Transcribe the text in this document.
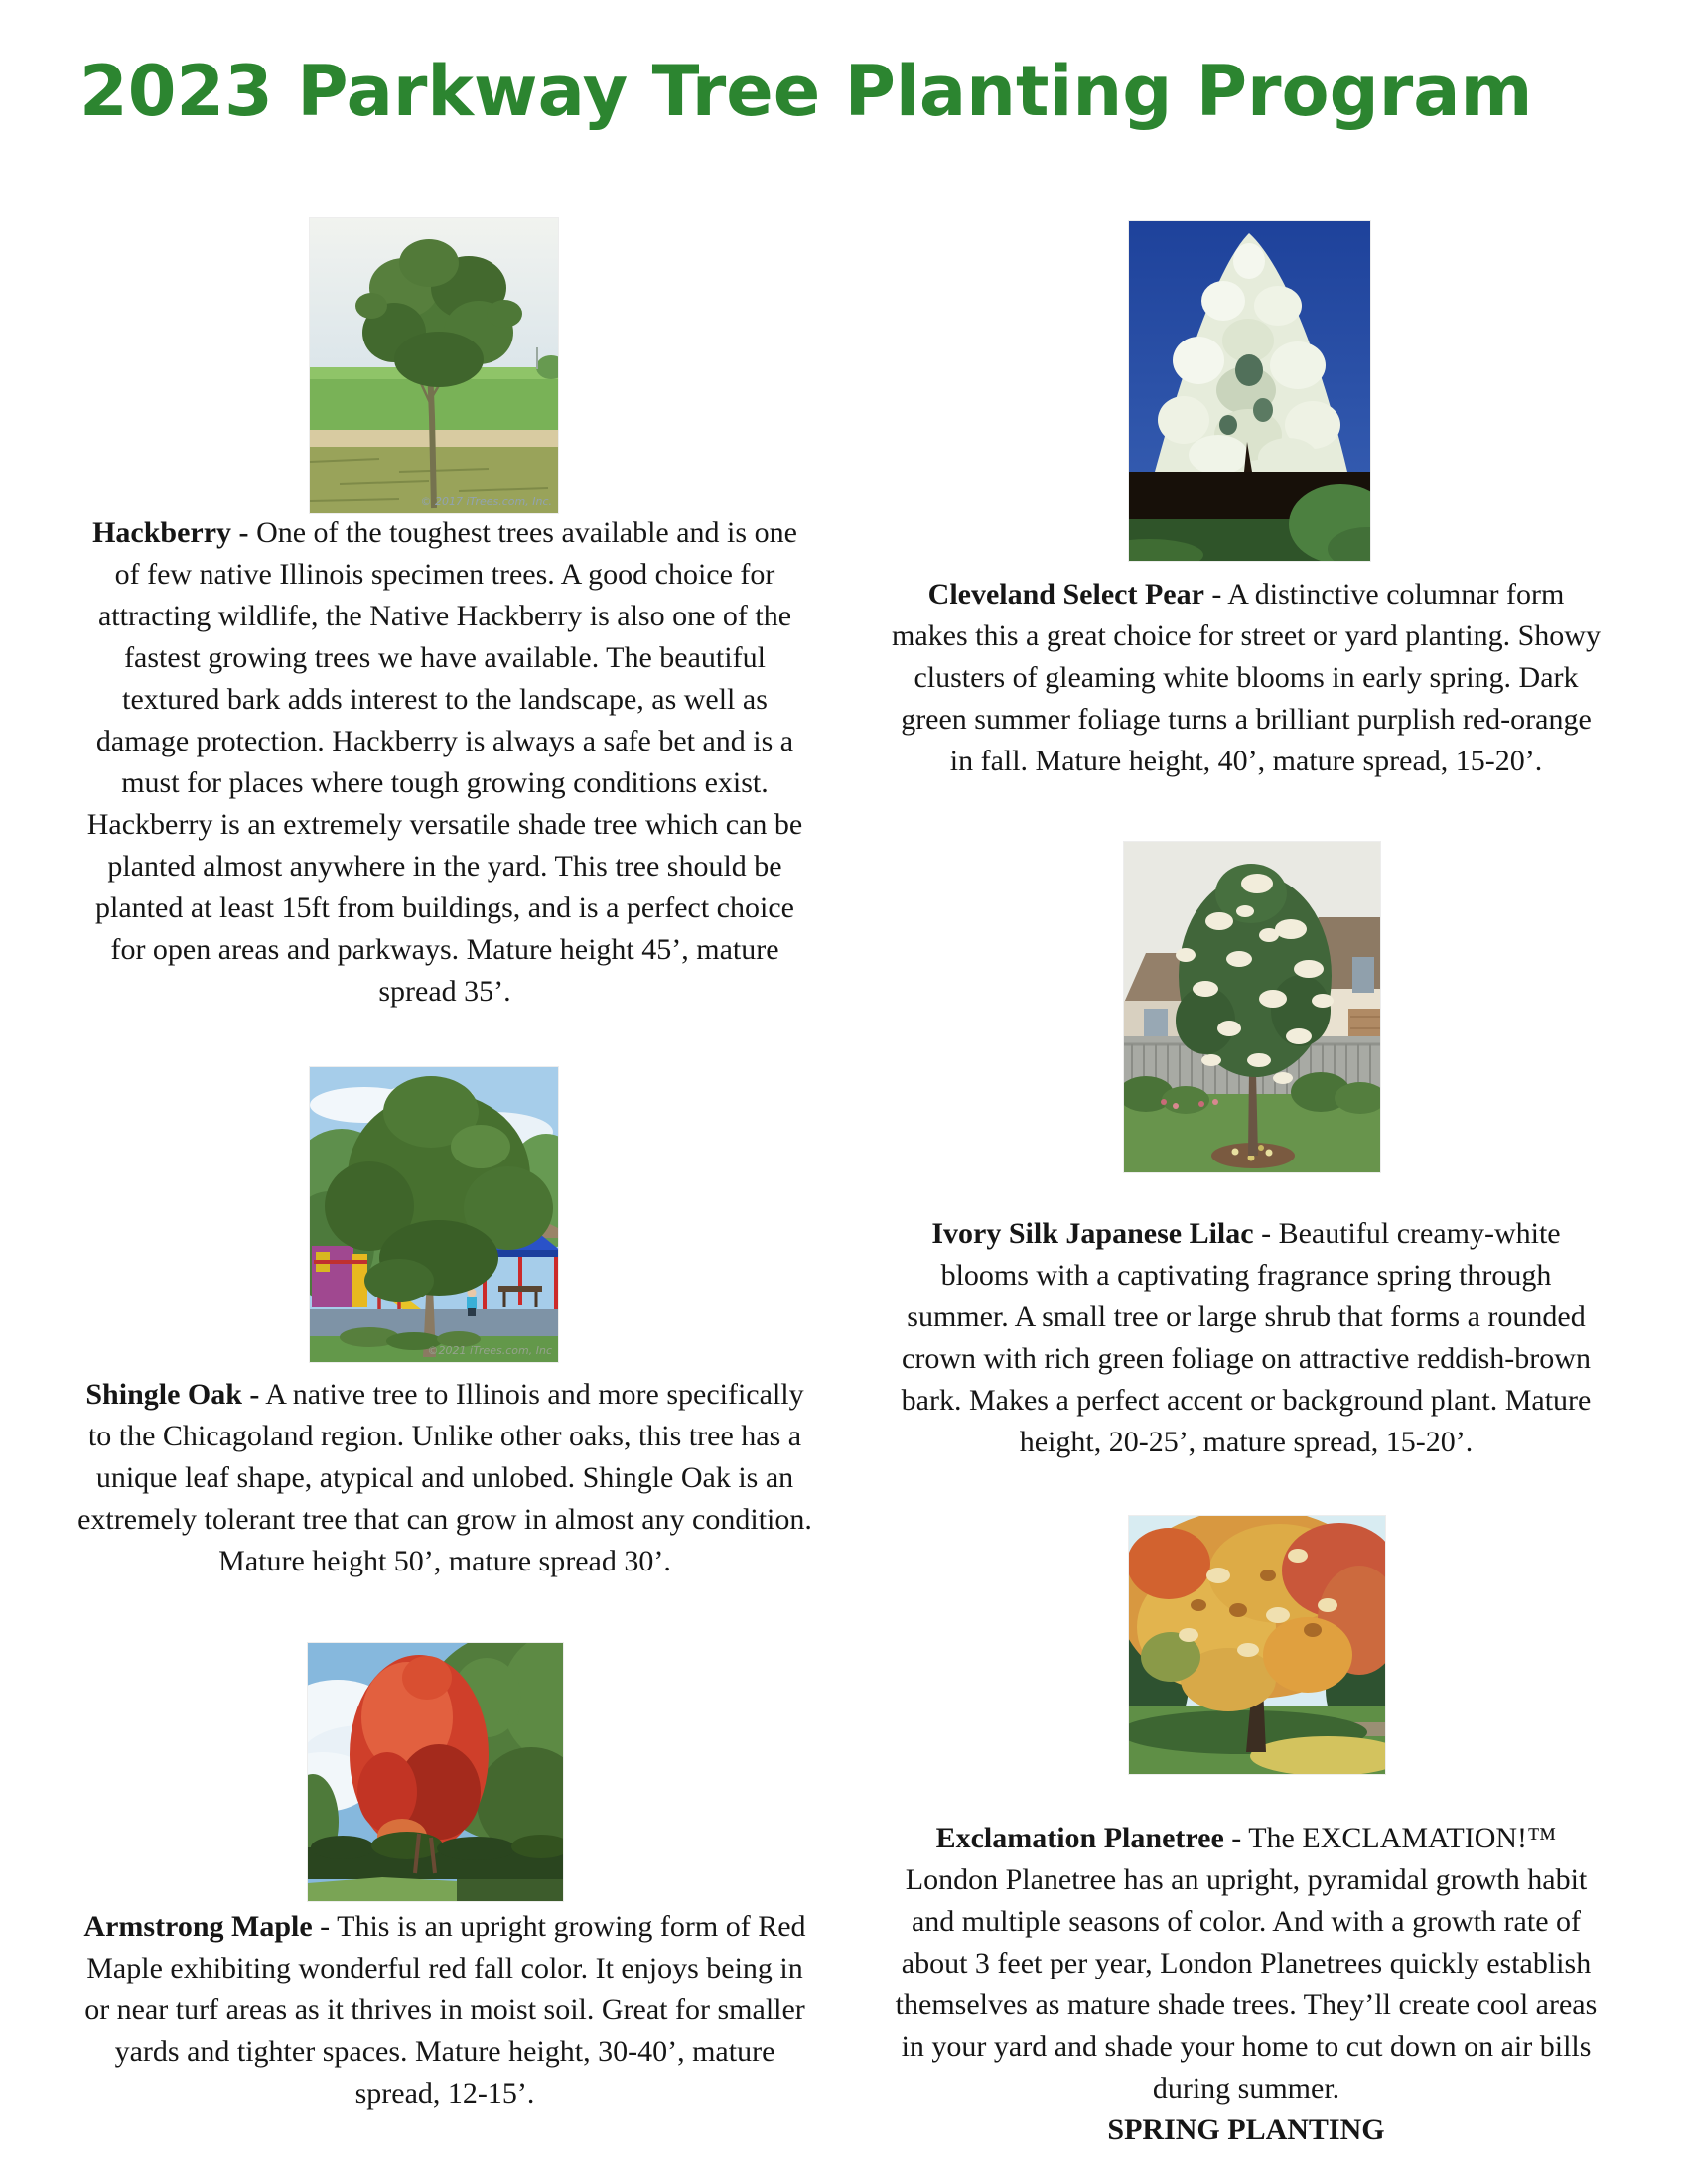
2023 Parkway Tree Planting Program
© 2017 iTrees.com, Inc.
©2021 iTrees.com, Inc

Hackberry - One of the toughest trees available and is one of few native Illinois specimen trees. A good choice for attracting wildlife, the Native Hackberry is also one of the fastest growing trees we have available. The beautiful textured bark adds interest to the landscape, as well as damage protection. Hackberry is always a safe bet and is a must for places where tough growing conditions exist. Hackberry is an extremely versatile shade tree which can be planted almost anywhere in the yard. This tree should be planted at least 15ft from buildings, and is a perfect choice for open areas and parkways. Mature height 45’, mature spread 35’.

Cleveland Select Pear - A distinctive columnar form makes this a great choice for street or yard planting. Showy clusters of gleaming white blooms in early spring. Dark green summer foliage turns a brilliant purplish red-orange in fall. Mature height, 40’, mature spread, 15-20’.

Shingle Oak - A native tree to Illinois and more specifically to the Chicagoland region. Unlike other oaks, this tree has a unique leaf shape, atypical and unlobed. Shingle Oak is an extremely tolerant tree that can grow in almost any condition. Mature height 50’, mature spread 30’.

Ivory Silk Japanese Lilac - Beautiful creamy-white blooms with a captivating fragrance spring through summer. A small tree or large shrub that forms a rounded crown with rich green foliage on attractive reddish-brown bark. Makes a perfect accent or background plant. Mature height, 20-25’, mature spread, 15-20’.

Armstrong Maple - This is an upright growing form of Red Maple exhibiting wonderful red fall color. It enjoys being in or near turf areas as it thrives in moist soil. Great for smaller yards and tighter spaces. Mature height, 30-40’, mature spread, 12-15’.

Exclamation Planetree - The EXCLAMATION!™ London Planetree has an upright, pyramidal growth habit and multiple seasons of color. And with a growth rate of about 3 feet per year, London Planetrees quickly establish themselves as mature shade trees. They’ll create cool areas in your yard and shade your home to cut down on air bills during summer.
SPRING PLANTING
